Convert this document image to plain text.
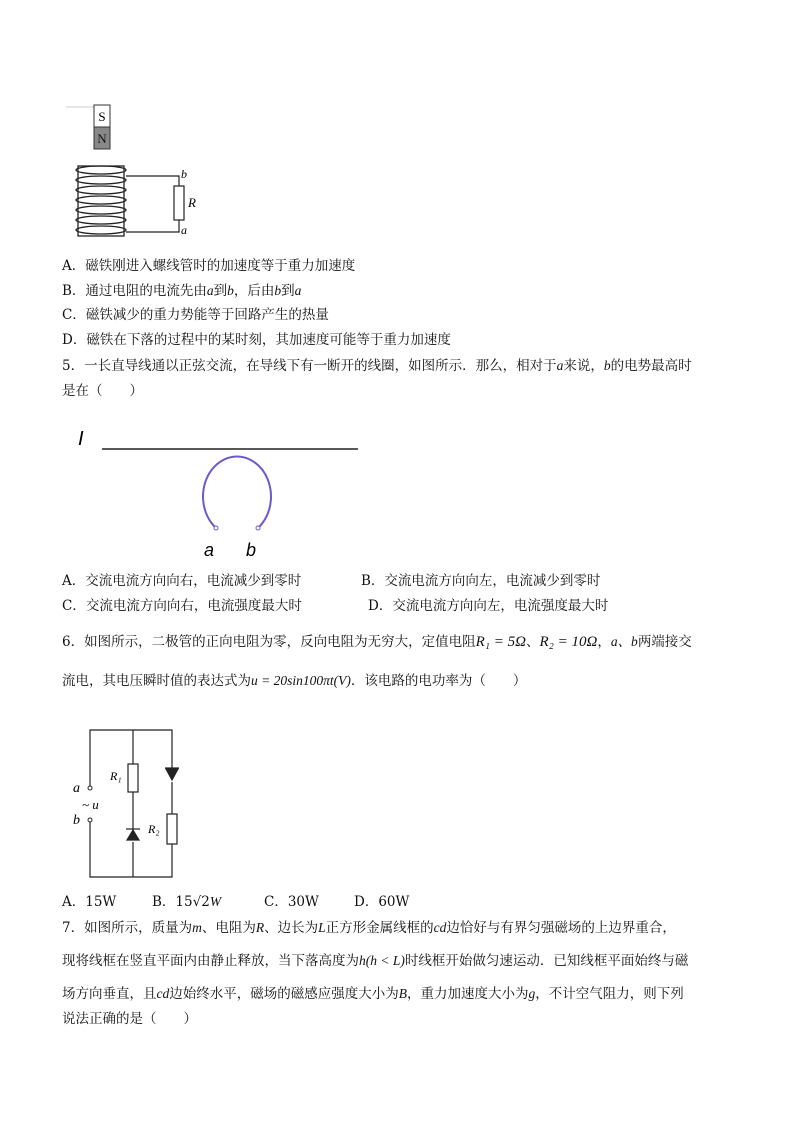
S
N
b
R
a
A．磁铁刚进入螺线管时的加速度等于重力加速度
B．通过电阻的电流先由a到b，后由b到a
C．磁铁减少的重力势能等于回路产生的热量
D．磁铁在下落的过程中的某时刻，其加速度可能等于重力加速度
5．一长直导线通以正弦交流，在导线下有一断开的线圈，如图所示．那么，相对于a来说，b的电势最高时
是在（　　）
I
a b
A．交流电流方向向右，电流减少到零时	B．交流电流方向向左，电流减少到零时
C．交流电流方向向右，电流强度最大时	D．交流电流方向向左，电流强度最大时
6．如图所示，二极管的正向电阻为零，反向电阻为无穷大，定值电阻R₁ = 5Ω、R₂ = 10Ω，a、b两端接交
流电，其电压瞬时值的表达式为u = 20sin100πt(V)．该电路的电功率为（　　）
a
~ u
b
R₁
R₂
A．15W	B．15√2W	C．30W	D．60W
7．如图所示，质量为m、电阻为R、边长为L正方形金属线框的cd边恰好与有界匀强磁场的上边界重合，
现将线框在竖直平面内由静止释放，当下落高度为h(h < L)时线框开始做匀速运动．已知线框平面始终与磁
场方向垂直，且cd边始终水平，磁场的磁感应强度大小为B，重力加速度大小为g，不计空气阻力，则下列
说法正确的是（　　）
